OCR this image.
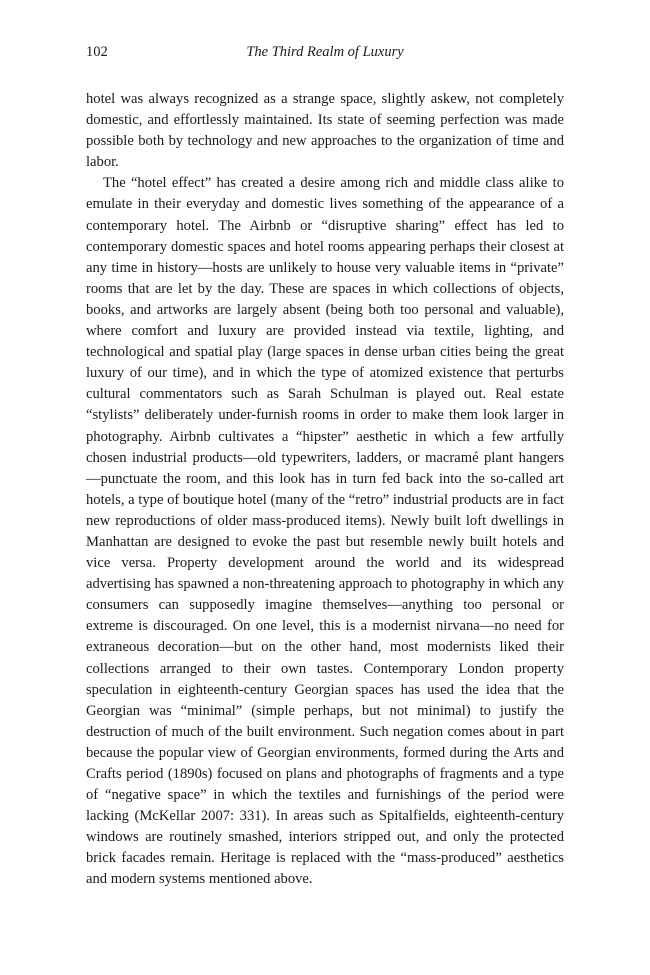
102	The Third Realm of Luxury

hotel was always recognized as a strange space, slightly askew, not completely domestic, and effortlessly maintained. Its state of seeming perfection was made possible both by technology and new approaches to the organization of time and labor.

The “hotel effect” has created a desire among rich and middle class alike to emulate in their everyday and domestic lives something of the appearance of a contemporary hotel. The Airbnb or “disruptive sharing” effect has led to contemporary domestic spaces and hotel rooms appearing perhaps their closest at any time in history—hosts are unlikely to house very valuable items in “private” rooms that are let by the day. These are spaces in which collections of objects, books, and artworks are largely absent (being both too personal and valuable), where comfort and luxury are provided instead via textile, lighting, and technological and spatial play (large spaces in dense urban cities being the great luxury of our time), and in which the type of atomized existence that perturbs cultural commentators such as Sarah Schulman is played out. Real estate “stylists” deliberately under-furnish rooms in order to make them look larger in photography. Airbnb cultivates a “hipster” aesthetic in which a few artfully chosen industrial products—old typewriters, ladders, or macramé plant hangers—punctuate the room, and this look has in turn fed back into the so-called art hotels, a type of boutique hotel (many of the “retro” industrial products are in fact new reproductions of older mass-produced items). Newly built loft dwellings in Manhattan are designed to evoke the past but resemble newly built hotels and vice versa. Property development around the world and its widespread advertising has spawned a non-threatening approach to photography in which any consumers can supposedly imagine themselves—anything too personal or extreme is discouraged. On one level, this is a modernist nirvana—no need for extraneous decoration—but on the other hand, most modernists liked their collections arranged to their own tastes. Contemporary London property speculation in eighteenth-century Georgian spaces has used the idea that the Georgian was “minimal” (simple perhaps, but not minimal) to justify the destruction of much of the built environment. Such negation comes about in part because the popular view of Georgian environments, formed during the Arts and Crafts period (1890s) focused on plans and photographs of fragments and a type of “negative space” in which the textiles and furnishings of the period were lacking (McKellar 2007: 331). In areas such as Spitalfields, eighteenth-century windows are routinely smashed, interiors stripped out, and only the protected brick facades remain. Heritage is replaced with the “mass-produced” aesthetics and modern systems mentioned above.
